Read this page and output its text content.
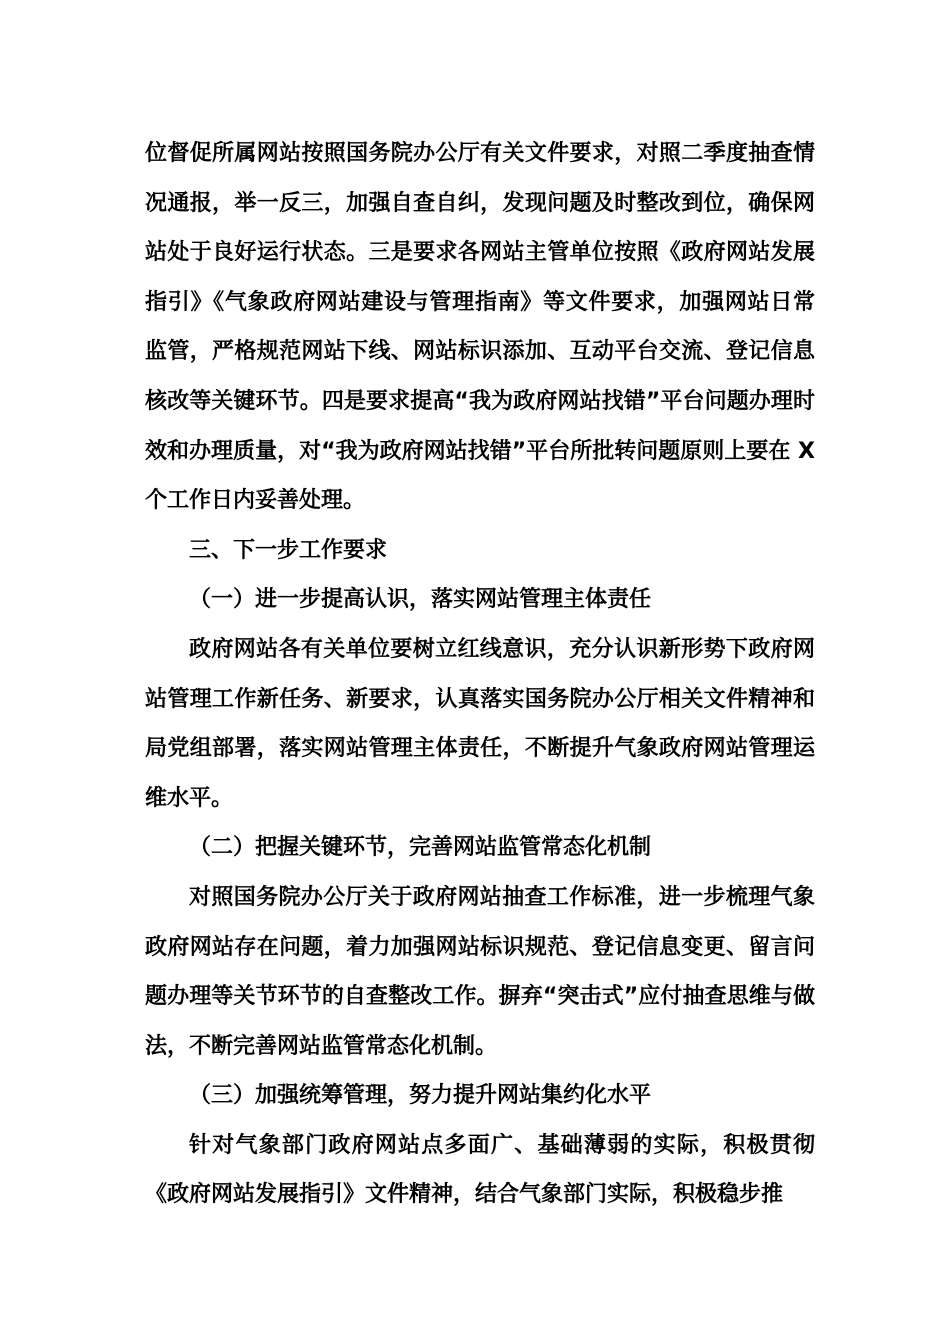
位督促所属网站按照国务院办公厅有关文件要求，对照二季度抽查情况通报，举一反三，加强自查自纠，发现问题及时整改到位，确保网站处于良好运行状态。三是要求各网站主管单位按照《政府网站发展指引》《气象政府网站建设与管理指南》等文件要求，加强网站日常监管，严格规范网站下线、网站标识添加、互动平台交流、登记信息核改等关键环节。四是要求提高“我为政府网站找错”平台问题办理时效和办理质量，对“我为政府网站找错”平台所批转问题原则上要在 X 个工作日内妥善处理。

三、下一步工作要求

（一）进一步提高认识，落实网站管理主体责任

政府网站各有关单位要树立红线意识，充分认识新形势下政府网站管理工作新任务、新要求，认真落实国务院办公厅相关文件精神和局党组部署，落实网站管理主体责任，不断提升气象政府网站管理运维水平。

（二）把握关键环节，完善网站监管常态化机制

对照国务院办公厅关于政府网站抽查工作标准，进一步梳理气象政府网站存在问题，着力加强网站标识规范、登记信息变更、留言问题办理等关节环节的自查整改工作。摒弃“突击式”应付抽查思维与做法，不断完善网站监管常态化机制。

（三）加强统筹管理，努力提升网站集约化水平

针对气象部门政府网站点多面广、基础薄弱的实际，积极贯彻《政府网站发展指引》文件精神，结合气象部门实际，积极稳步推
